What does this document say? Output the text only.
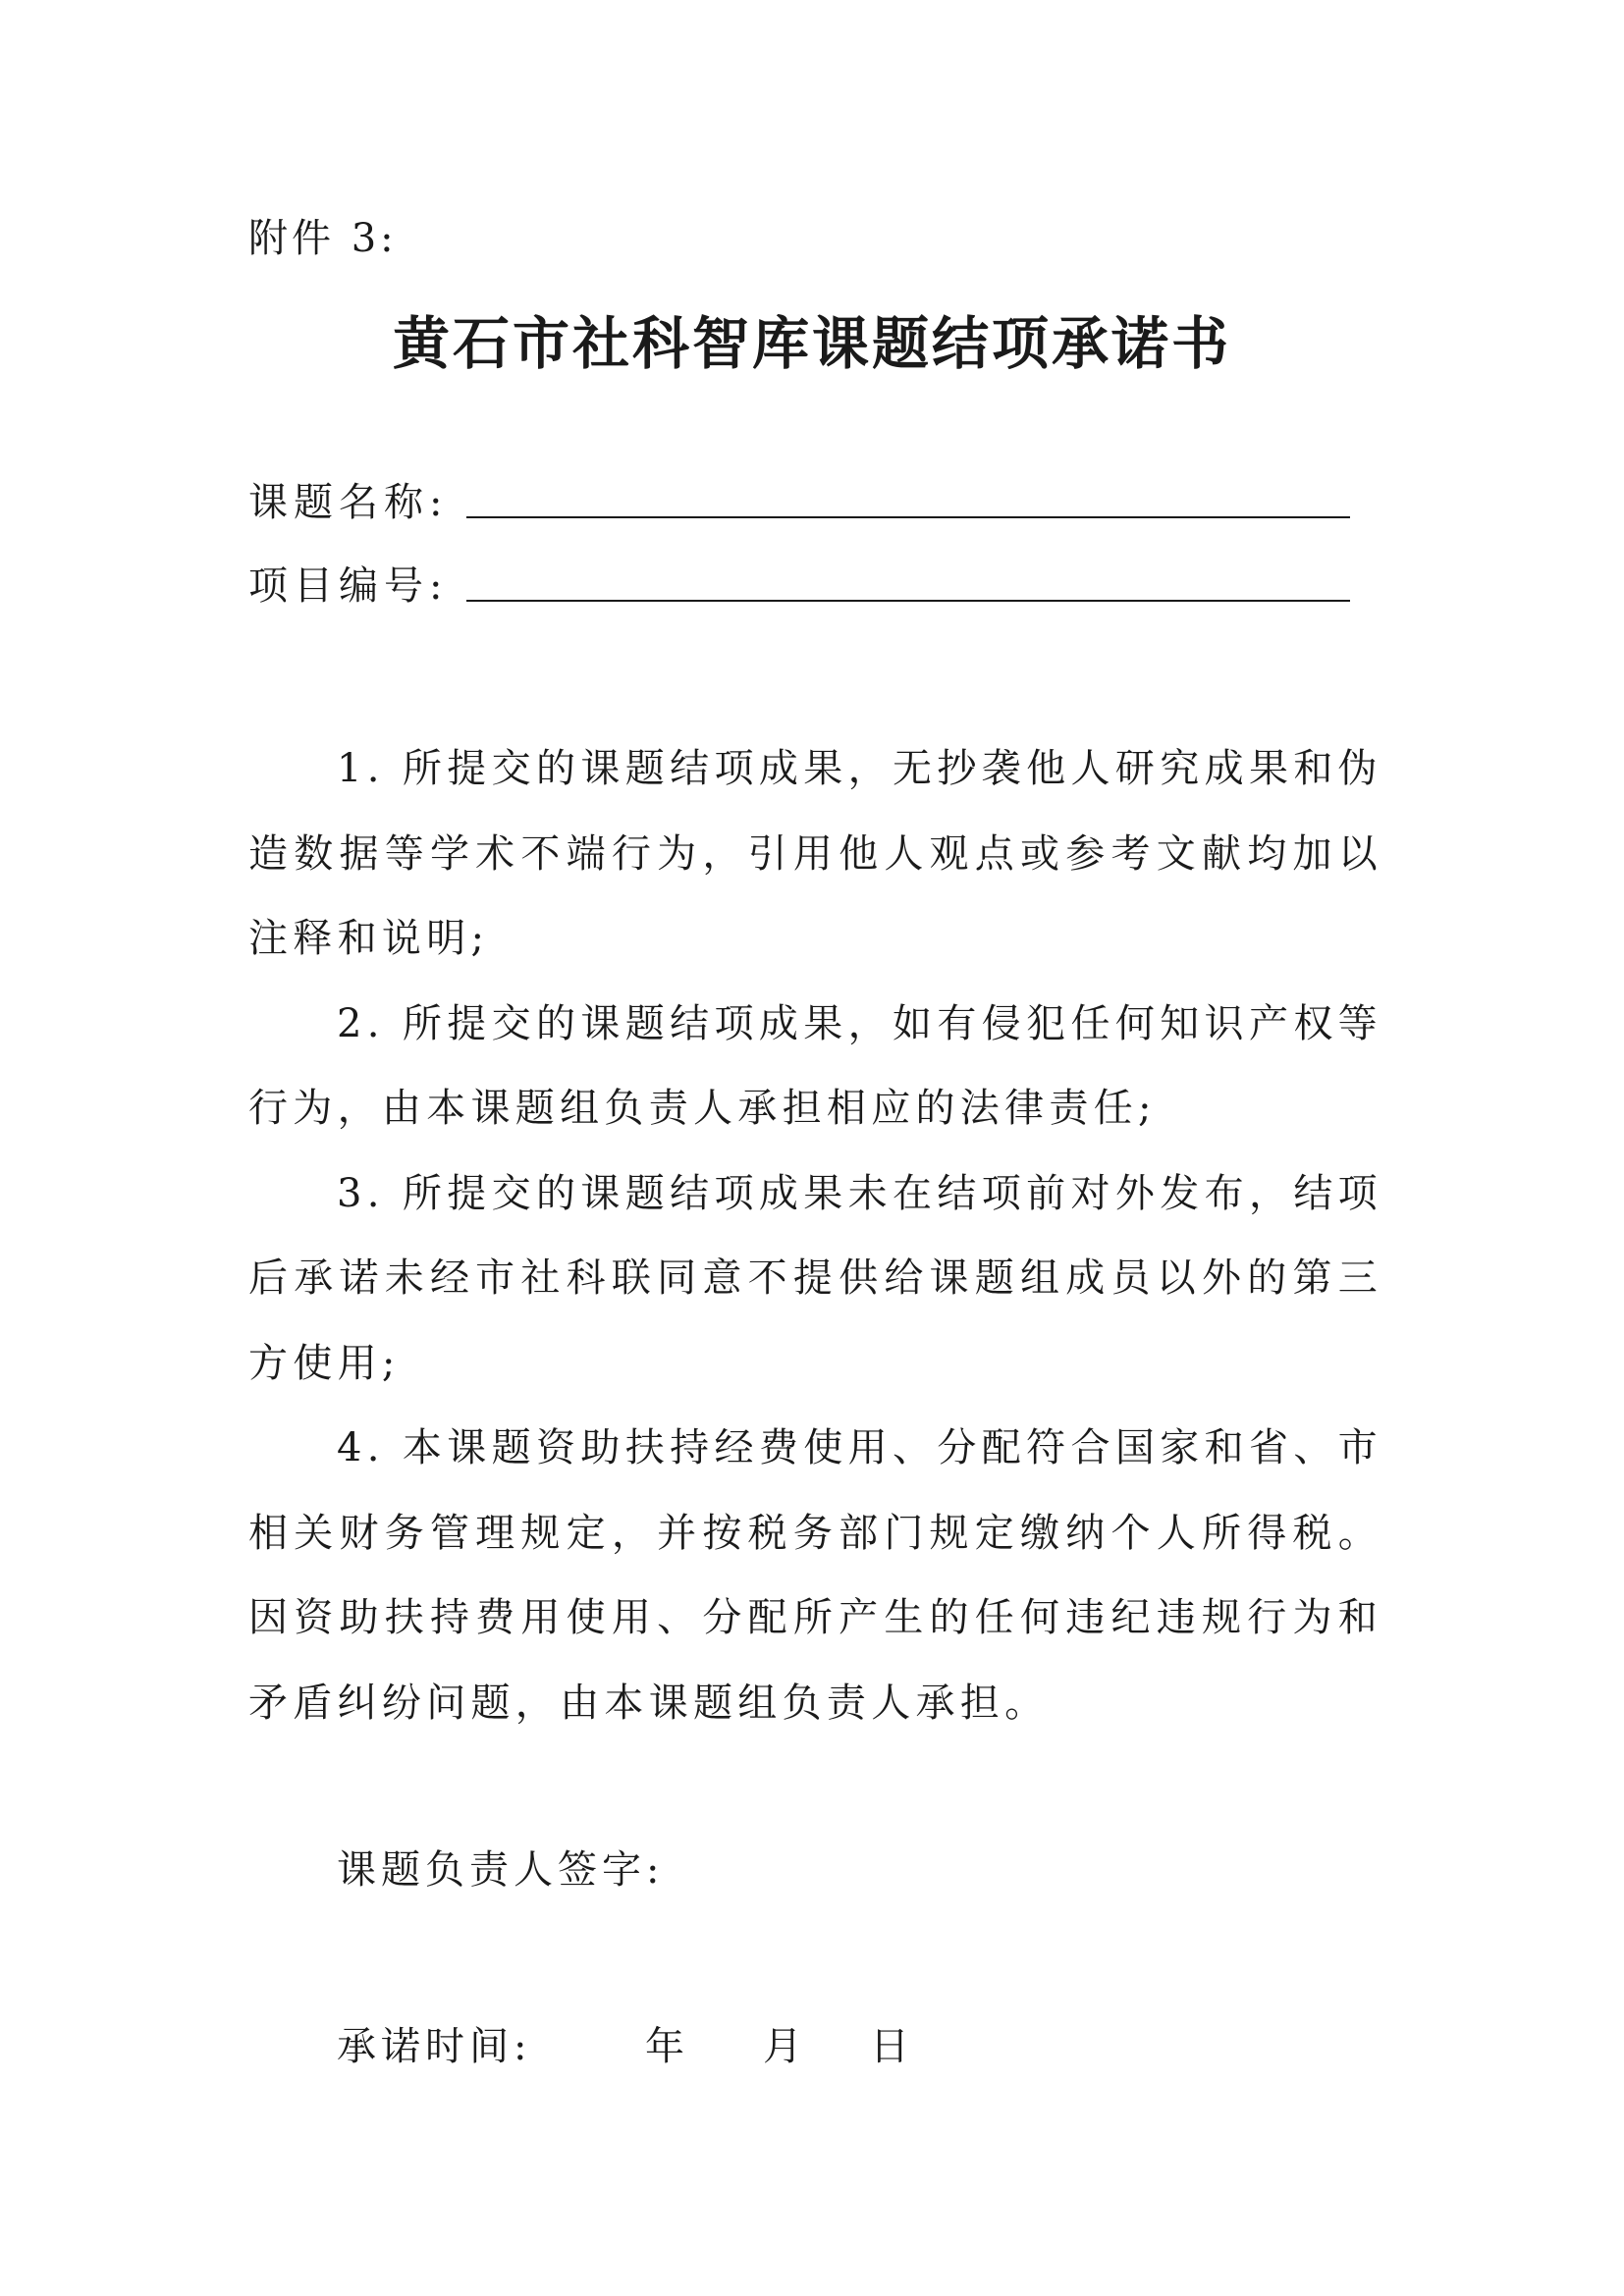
附件 3:
黄石市社科智库课题结项承诺书
课题名称:
项目编号:

1. 所提交的课题结项成果，无抄袭他人研究成果和伪造数据等学术不端行为，引用他人观点或参考文献均加以注释和说明;

2. 所提交的课题结项成果，如有侵犯任何知识产权等行为，由本课题组负责人承担相应的法律责任;

3. 所提交的课题结项成果未在结项前对外发布，结项后承诺未经市社科联同意不提供给课题组成员以外的第三方使用;

4. 本课题资助扶持经费使用、分配符合国家和省、市相关财务管理规定，并按税务部门规定缴纳个人所得税。因资助扶持费用使用、分配所产生的任何违纪违规行为和矛盾纠纷问题，由本课题组负责人承担。

课题负责人签字:
承诺时间:	年 月 日
